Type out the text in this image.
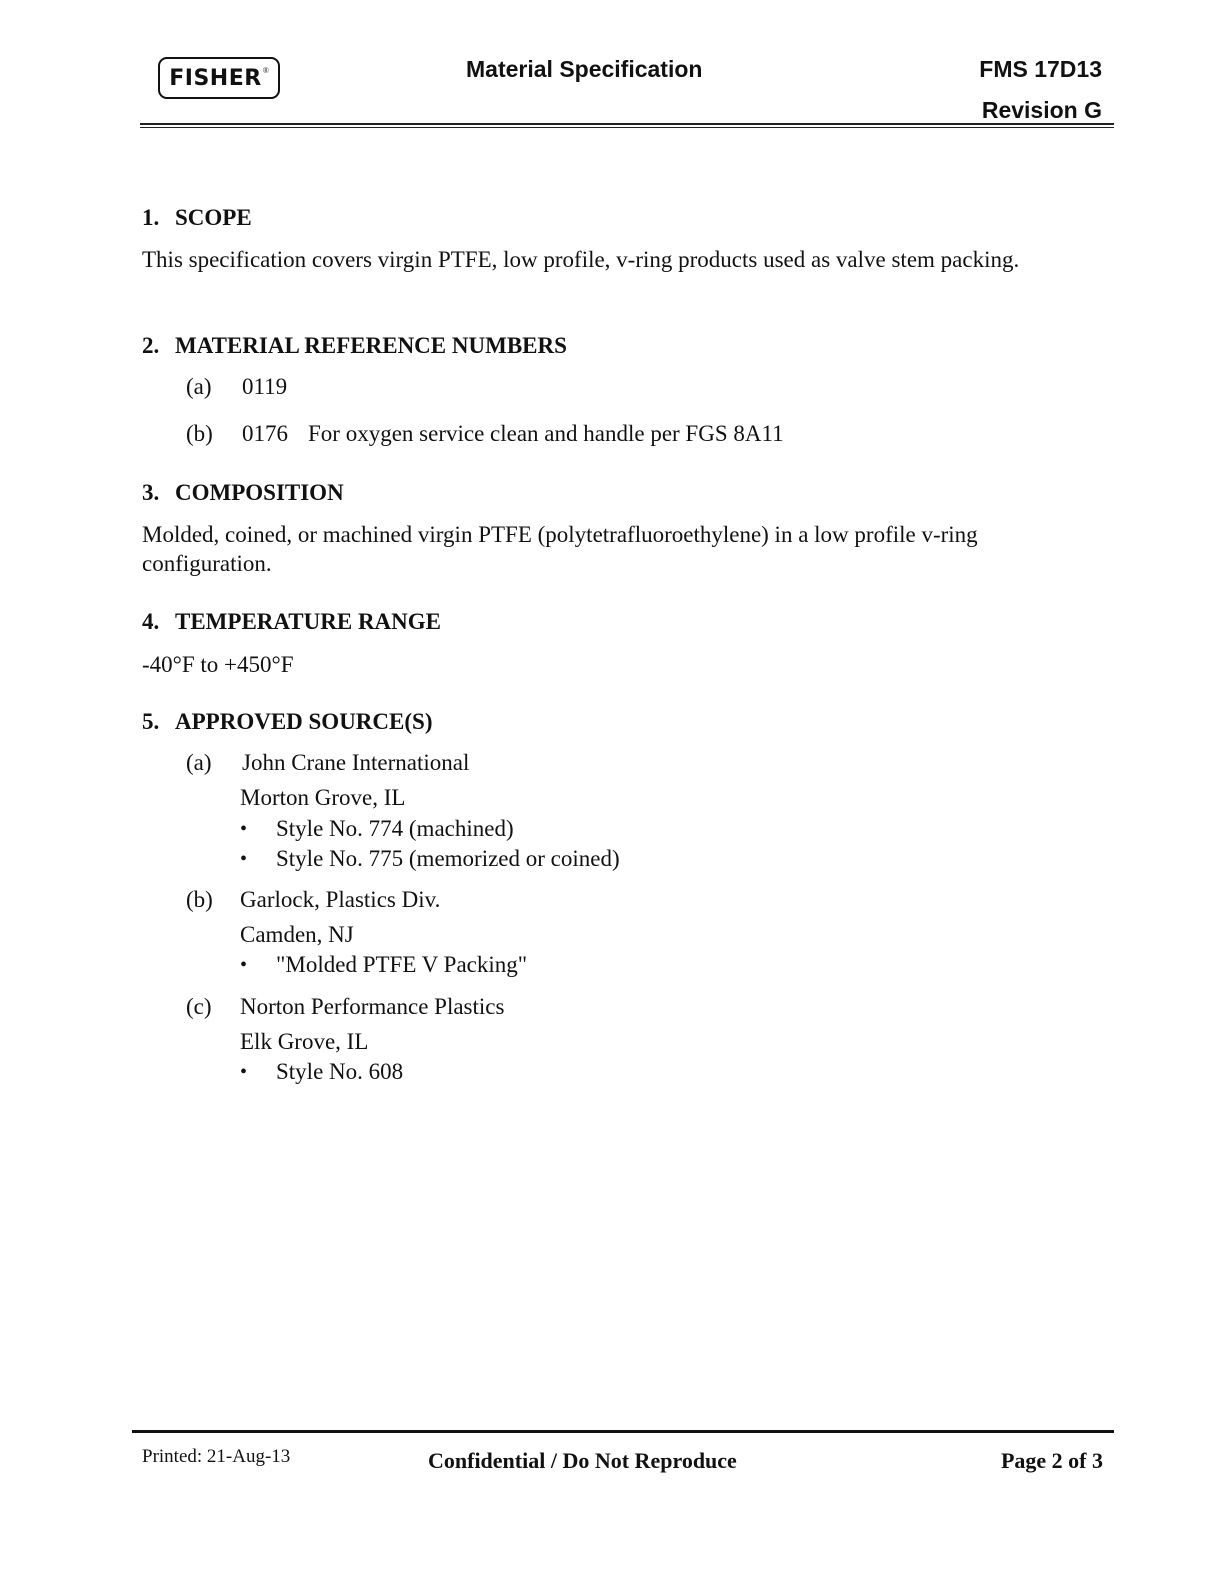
FISHER ®	Material Specification	FMS 17D13
Revision G
1. SCOPE
This specification covers virgin PTFE, low profile, v-ring products used as valve stem packing.
2. MATERIAL REFERENCE NUMBERS
(a) 0119
(b) 0176 For oxygen service clean and handle per FGS 8A11
3. COMPOSITION
Molded, coined, or machined virgin PTFE (polytetrafluoroethylene) in a low profile v-ring configuration.
4. TEMPERATURE RANGE
-40°F to +450°F
5. APPROVED SOURCE(S)
(a) John Crane International
Morton Grove, IL
• Style No. 774 (machined)
• Style No. 775 (memorized or coined)
(b) Garlock, Plastics Div.
Camden, NJ
• "Molded PTFE V Packing"
(c) Norton Performance Plastics
Elk Grove, IL
• Style No. 608
Printed: 21-Aug-13	Confidential / Do Not Reproduce	Page 2 of 3
